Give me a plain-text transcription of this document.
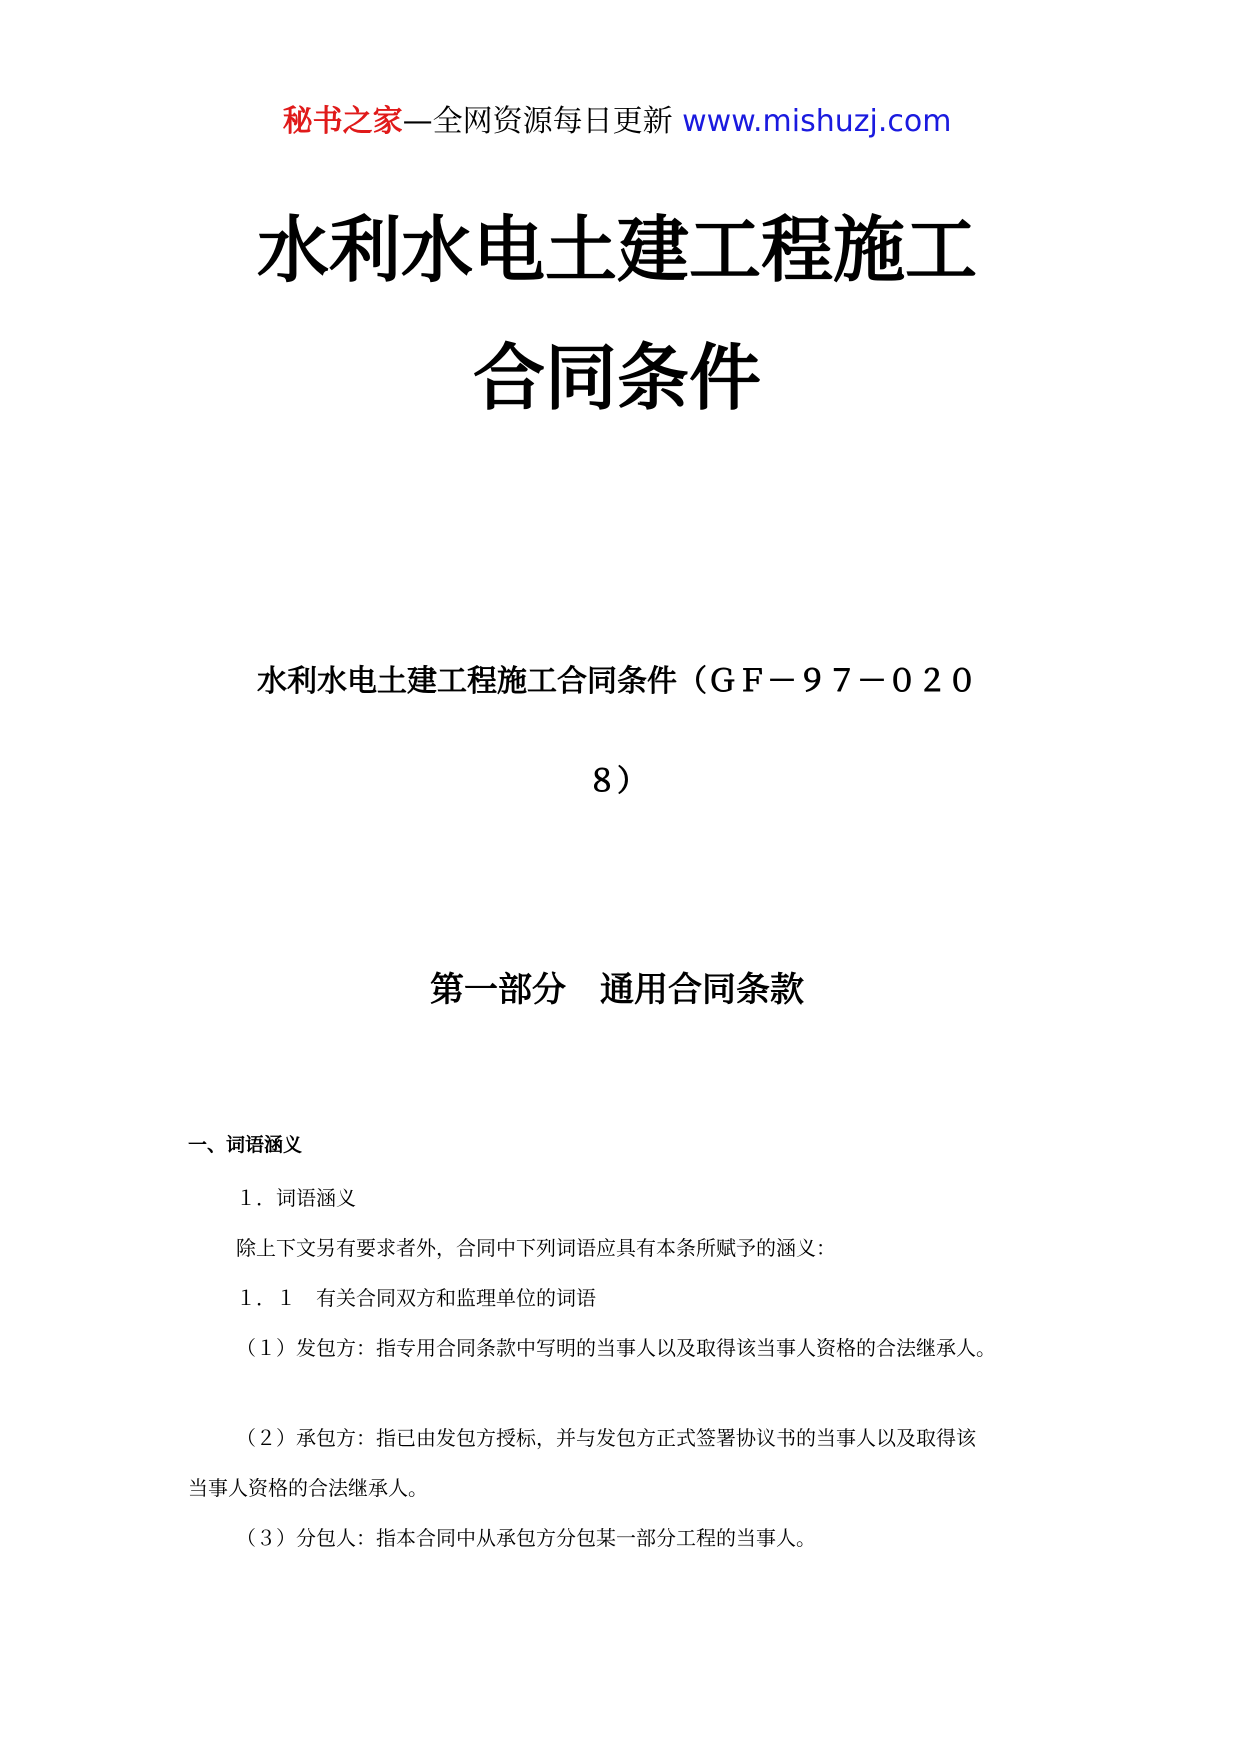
秘书之家—全网资源每日更新 www.mishuzj.com
水利水电土建工程施工
合同条件
水利水电土建工程施工合同条件（ＧＦ－９７－０２０
８）
第一部分　通用合同条款
一、词语涵义
１．词语涵义
除上下文另有要求者外，合同中下列词语应具有本条所赋予的涵义：
１．１　有关合同双方和监理单位的词语
（１）发包方：指专用合同条款中写明的当事人以及取得该当事人资格的合法继承人。
（２）承包方：指已由发包方授标，并与发包方正式签署协议书的当事人以及取得该
当事人资格的合法继承人。
（３）分包人：指本合同中从承包方分包某一部分工程的当事人。
